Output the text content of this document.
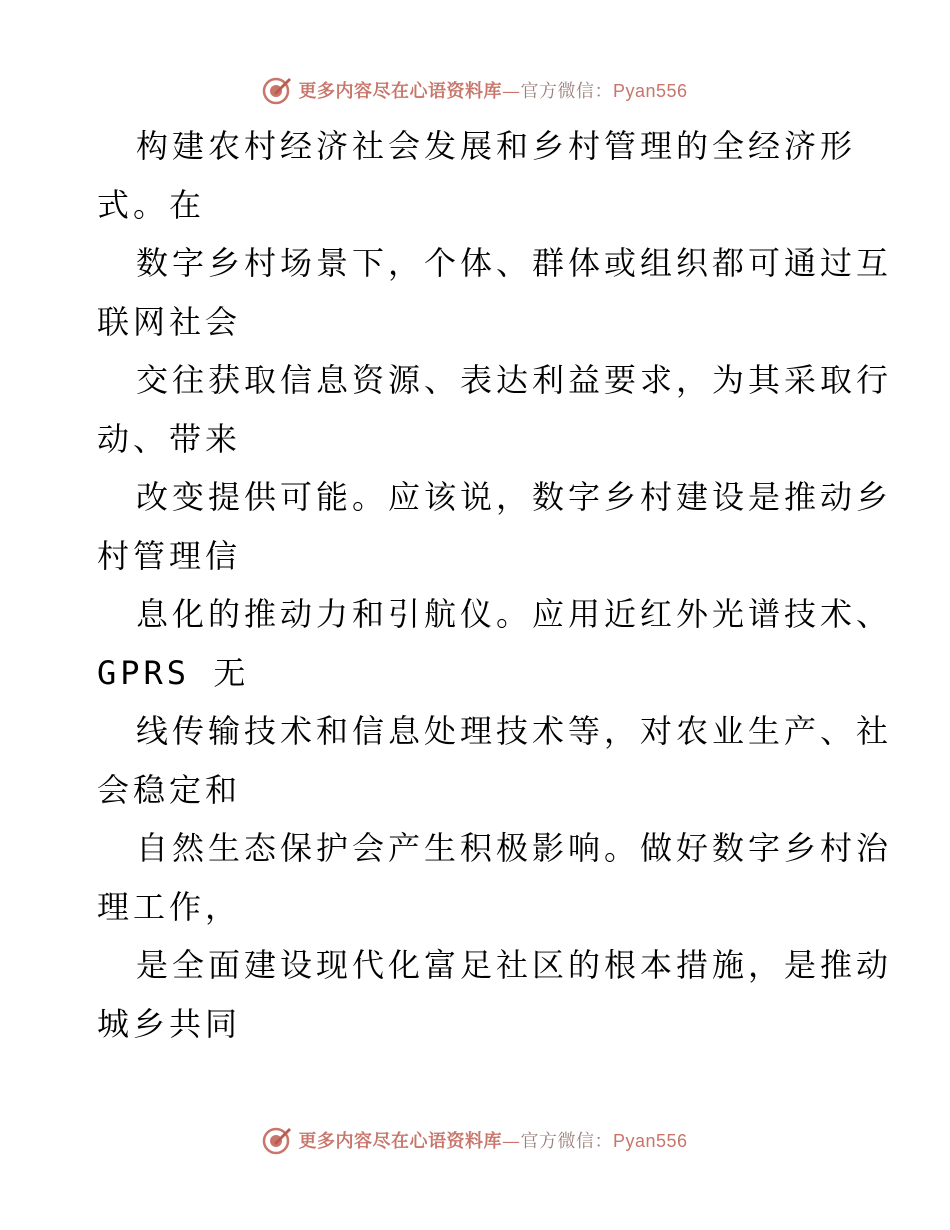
更多内容尽在心语资料库—官方微信：Pyan556
构建农村经济社会发展和乡村管理的全经济形
式。在
数字乡村场景下，个体、群体或组织都可通过互
联网社会
交往获取信息资源、表达利益要求，为其采取行
动、带来
改变提供可能。应该说，数字乡村建设是推动乡
村管理信
息化的推动力和引航仪。应用近红外光谱技术、
GPRS 无
线传输技术和信息处理技术等，对农业生产、社
会稳定和
自然生态保护会产生积极影响。做好数字乡村治
理工作，
是全面建设现代化富足社区的根本措施，是推动
城乡共同
更多内容尽在心语资料库—官方微信：Pyan556
